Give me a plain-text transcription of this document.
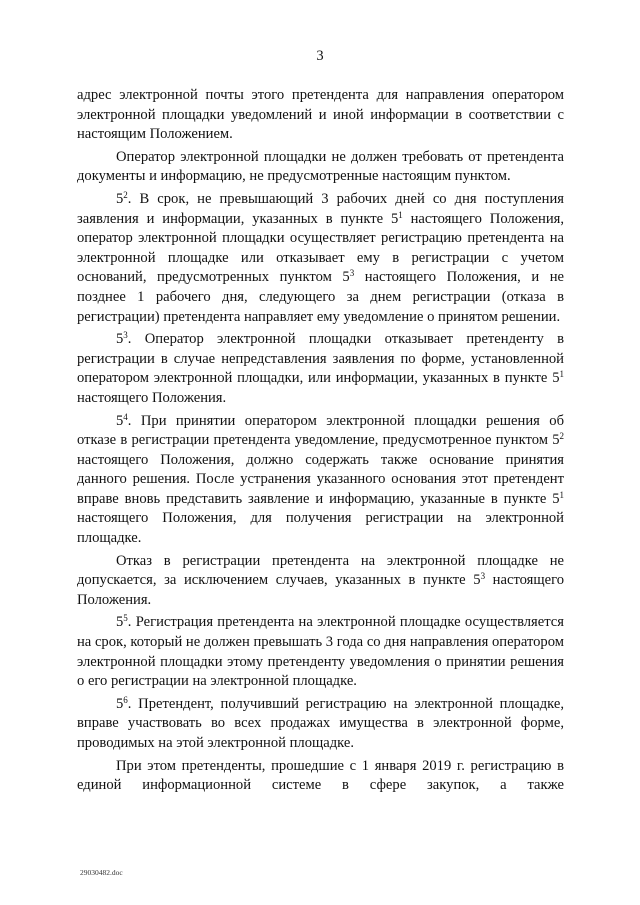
3

адрес электронной почты этого претендента для направления оператором электронной площадки уведомлений и иной информации в соответствии с настоящим Положением.

Оператор электронной площадки не должен требовать от претендента документы и информацию, не предусмотренные настоящим пунктом.

$5^2$. В срок, не превышающий 3 рабочих дней со дня поступления заявления и информации, указанных в пункте $5^1$ настоящего Положения, оператор электронной площадки осуществляет регистрацию претендента на электронной площадке или отказывает ему в регистрации с учетом оснований, предусмотренных пунктом $5^3$ настоящего Положения, и не позднее 1 рабочего дня, следующего за днем регистрации (отказа в регистрации) претендента направляет ему уведомление о принятом решении.

$5^3$. Оператор электронной площадки отказывает претенденту в регистрации в случае непредставления заявления по форме, установленной оператором электронной площадки, или информации, указанных в пункте $5^1$ настоящего Положения.

$5^4$. При принятии оператором электронной площадки решения об отказе в регистрации претендента уведомление, предусмотренное пунктом $5^2$ настоящего Положения, должно содержать также основание принятия данного решения. После устранения указанного основания этот претендент вправе вновь представить заявление и информацию, указанные в пункте $5^1$ настоящего Положения, для получения регистрации на электронной площадке.

Отказ в регистрации претендента на электронной площадке не допускается, за исключением случаев, указанных в пункте $5^3$ настоящего Положения.

$5^5$. Регистрация претендента на электронной площадке осуществляется на срок, который не должен превышать 3 года со дня направления оператором электронной площадки этому претенденту уведомления о принятии решения о его регистрации на электронной площадке.

$5^6$. Претендент, получивший регистрацию на электронной площадке, вправе участвовать во всех продажах имущества в электронной форме, проводимых на этой электронной площадке.

При этом претенденты, прошедшие с 1 января 2019 г. регистрацию в единой информационной системе в сфере закупок, а также

29030482.doc
